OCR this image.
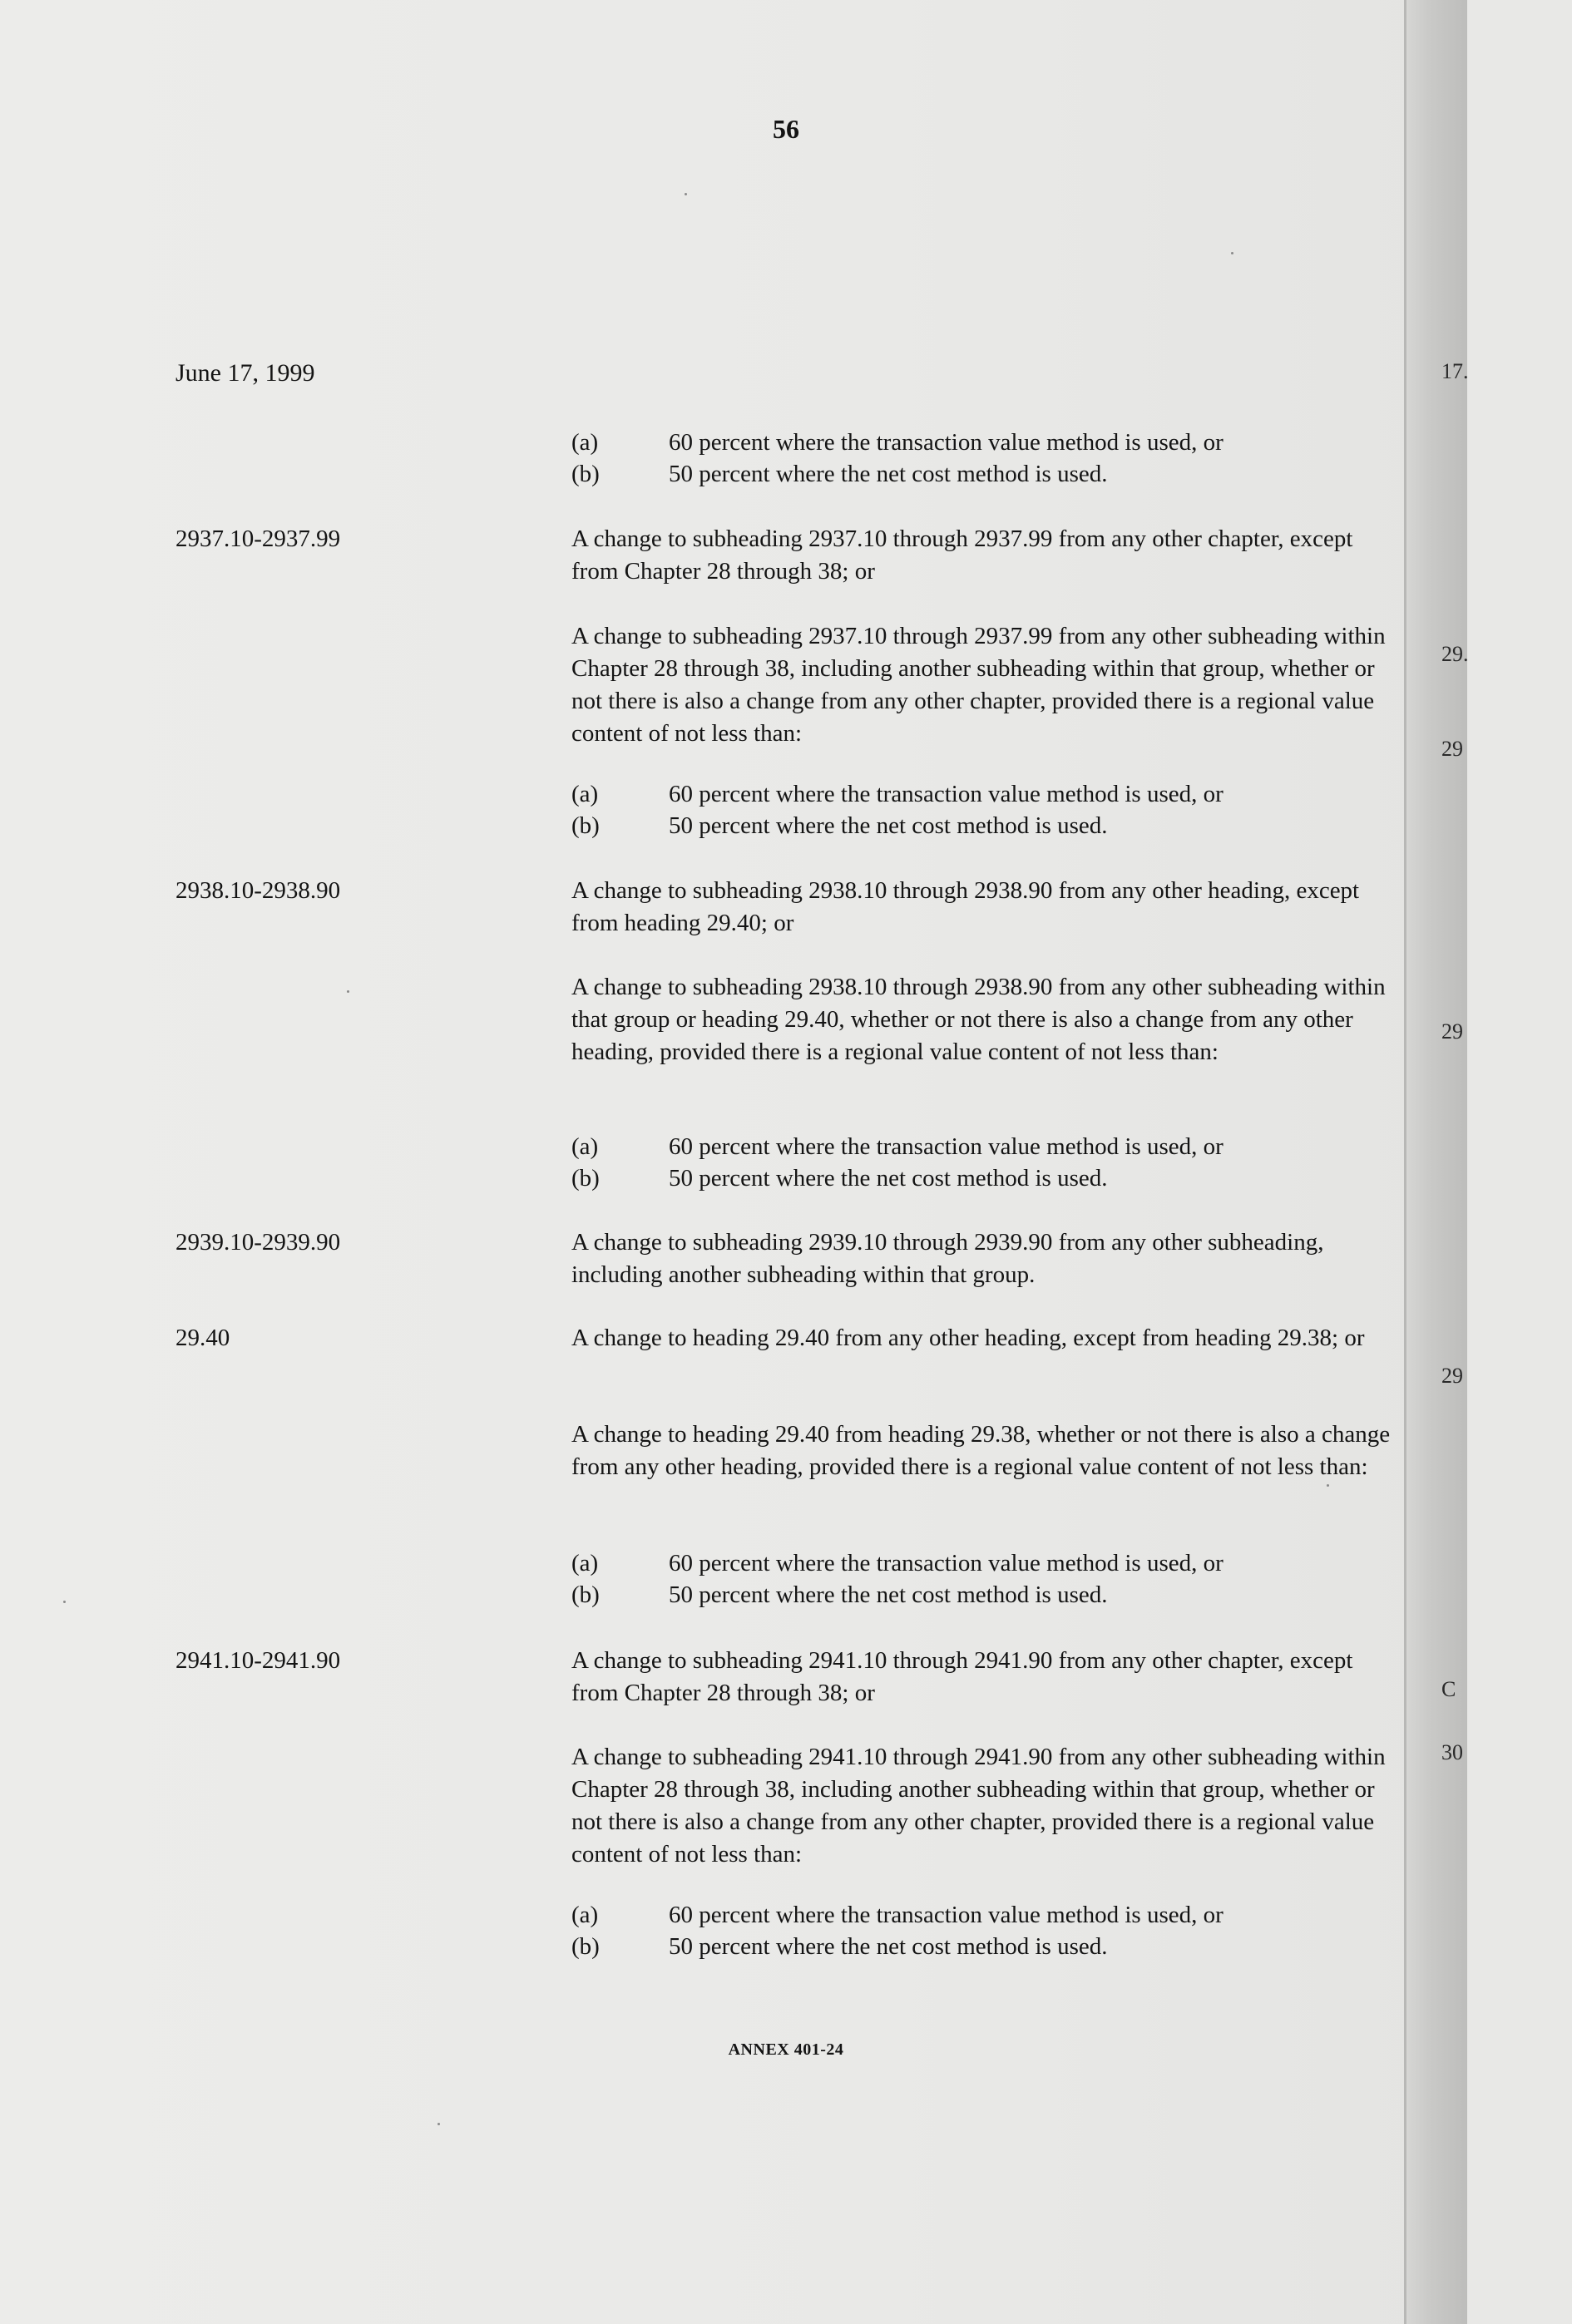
56
June 17, 1999
(a)	60 percent where the transaction value method is used, or
(b)	50 percent where the net cost method is used.
2937.10-2937.99	A change to subheading 2937.10 through 2937.99 from any other chapter, except from Chapter 28 through 38; or
A change to subheading 2937.10 through 2937.99 from any other subheading within Chapter 28 through 38, including another subheading within that group, whether or not there is also a change from any other chapter, provided there is a regional value content of not less than:
(a)	60 percent where the transaction value method is used, or
(b)	50 percent where the net cost method is used.
2938.10-2938.90	A change to subheading 2938.10 through 2938.90 from any other heading, except from heading 29.40; or
A change to subheading 2938.10 through 2938.90 from any other subheading within that group or heading 29.40, whether or not there is also a change from any other heading, provided there is a regional value content of not less than:
(a)	60 percent where the transaction value method is used, or
(b)	50 percent where the net cost method is used.
2939.10-2939.90	A change to subheading 2939.10 through 2939.90 from any other subheading, including another subheading within that group.
29.40	A change to heading 29.40 from any other heading, except from heading 29.38; or
A change to heading 29.40 from heading 29.38, whether or not there is also a change from any other heading, provided there is a regional value content of not less than:
(a)	60 percent where the transaction value method is used, or
(b)	50 percent where the net cost method is used.
2941.10-2941.90	A change to subheading 2941.10 through 2941.90 from any other chapter, except from Chapter 28 through 38; or
A change to subheading 2941.10 through 2941.90 from any other subheading within Chapter 28 through 38, including another subheading within that group, whether or not there is also a change from any other chapter, provided there is a regional value content of not less than:
(a)	60 percent where the transaction value method is used, or
(b)	50 percent where the net cost method is used.
ANNEX 401-24
17.
29.
29
29
29
C
30
